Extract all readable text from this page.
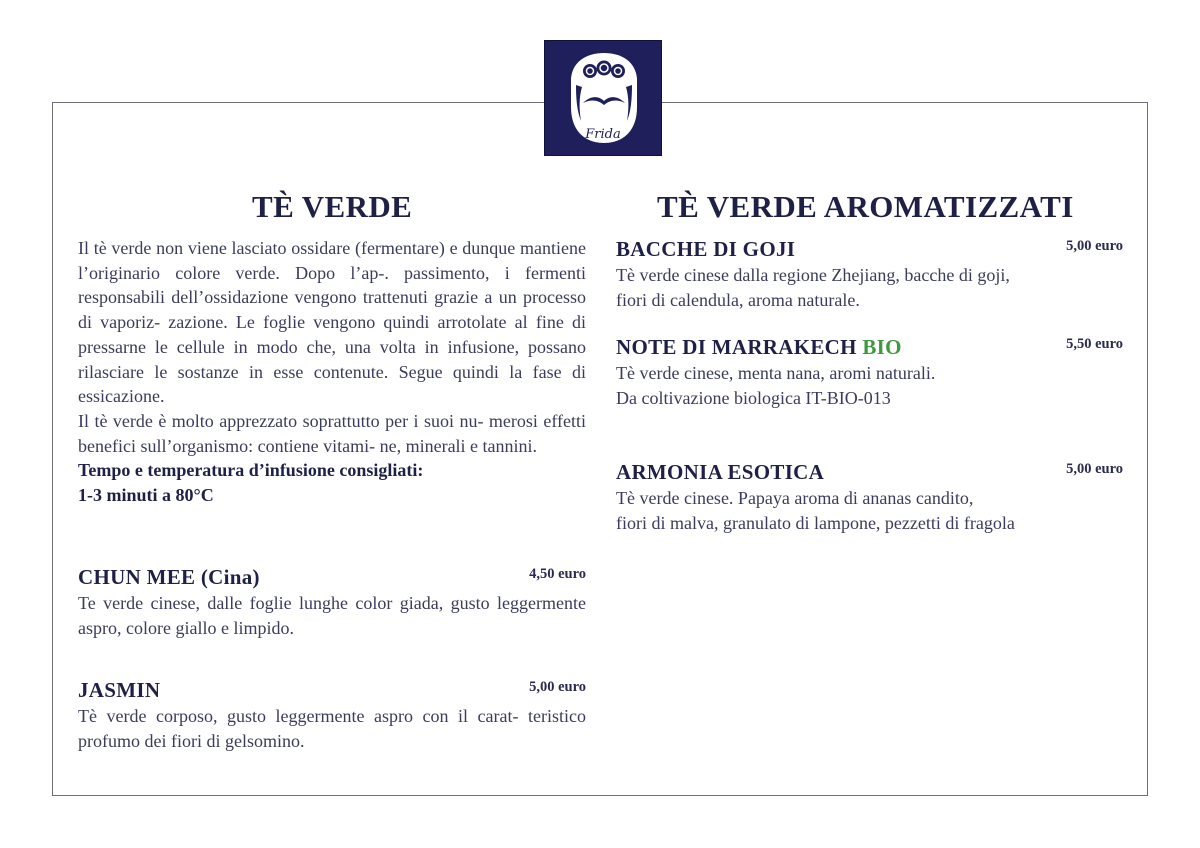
Frida
TÈ VERDE

Il tè verde non viene lasciato ossidare (fermentare) e dunque mantiene l’originario colore verde. Dopo l’ap-. passimento, i fermenti responsabili dell’ossidazione vengono trattenuti grazie a un processo di vaporiz- zazione. Le foglie vengono quindi arrotolate al fine di pressarne le cellule in modo che, una volta in infusione, possano rilasciare le sostanze in esse contenute. Segue quindi la fase di essicazione.

Il tè verde è molto apprezzato soprattutto per i suoi nu- merosi effetti benefici sull’organismo: contiene vitami- ne, minerali e tannini.

Tempo e temperatura d’infusione consigliati:

1-3 minuti a 80°C

CHUN MEE (Cina)	4,50 euro
Te verde cinese, dalle foglie lunghe color giada, gusto leggermente aspro, colore giallo e limpido.
JASMIN	5,00 euro
Tè verde corposo, gusto leggermente aspro con il carat- teristico profumo dei fiori di gelsomino.
TÈ VERDE AROMATIZZATI
BACCHE DI GOJI	5,00 euro
Tè verde cinese dalla regione Zhejiang, bacche di goji,
fiori di calendula, aroma naturale.
NOTE DI MARRAKECH BIO	5,50 euro
Tè verde cinese, menta nana, aromi naturali.
Da coltivazione biologica IT-BIO-013
ARMONIA ESOTICA	5,00 euro
Tè verde cinese. Papaya aroma di ananas candito,
fiori di malva, granulato di lampone, pezzetti di fragola
